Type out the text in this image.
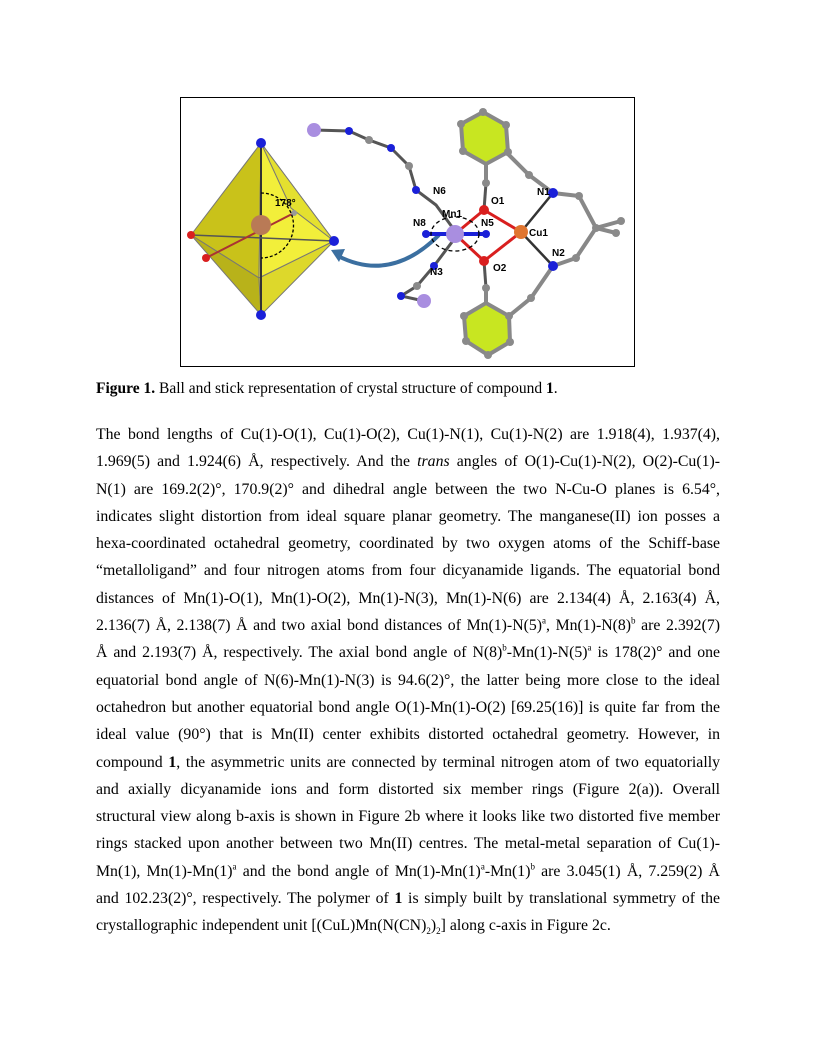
178°
N6
O1
N1
N8
Mn1
N5
Cu1
N2
N3	O2
Figure 1. Ball and stick representation of crystal structure of compound 1.
The bond lengths of Cu(1)-O(1), Cu(1)-O(2), Cu(1)-N(1), Cu(1)-N(2) are 1.918(4), 1.937(4),
1.969(5) and 1.924(6) Å, respectively. And the trans angles of O(1)-Cu(1)-N(2), O(2)-Cu(1)-
N(1) are 169.2(2)°, 170.9(2)° and dihedral angle between the two N-Cu-O planes is 6.54°,
indicates slight distortion from ideal square planar geometry. The manganese(II) ion posses a
hexa-coordinated octahedral geometry, coordinated by two oxygen atoms of the Schiff-base
“metalloligand” and four nitrogen atoms from four dicyanamide ligands. The equatorial bond
distances of Mn(1)-O(1), Mn(1)-O(2), Mn(1)-N(3), Mn(1)-N(6) are 2.134(4) Å, 2.163(4) Å,
2.136(7) Å, 2.138(7) Å and two axial bond distances of $Mn(1)-N(5)^a$, $Mn(1)-N(8)^b$ are 2.392(7)
Å and 2.193(7) Å, respectively. The axial bond angle of $N(8)^b-Mn(1)-N(5)^a$ is 178(2)° and one
equatorial bond angle of N(6)-Mn(1)-N(3) is 94.6(2)°, the latter being more close to the ideal
octahedron but another equatorial bond angle O(1)-Mn(1)-O(2) [69.25(16)] is quite far from the
ideal value (90°) that is Mn(II) center exhibits distorted octahedral geometry. However, in
compound 1, the asymmetric units are connected by terminal nitrogen atom of two equatorially
and axially dicyanamide ions and form distorted six member rings (Figure 2(a)). Overall
structural view along b-axis is shown in Figure 2b where it looks like two distorted five member
rings stacked upon another between two Mn(II) centres. The metal-metal separation of Cu(1)-
Mn(1), $Mn(1)-Mn(1)^a$ and the bond angle of $Mn(1)-Mn(1)^a-Mn(1)^b$ are 3.045(1) Å, 7.259(2) Å
and 102.23(2)°, respectively. The polymer of 1 is simply built by translational symmetry of the
crystallographic independent unit $[(CuL)Mn(N(CN)_2)_2]$ along c-axis in Figure 2c.
